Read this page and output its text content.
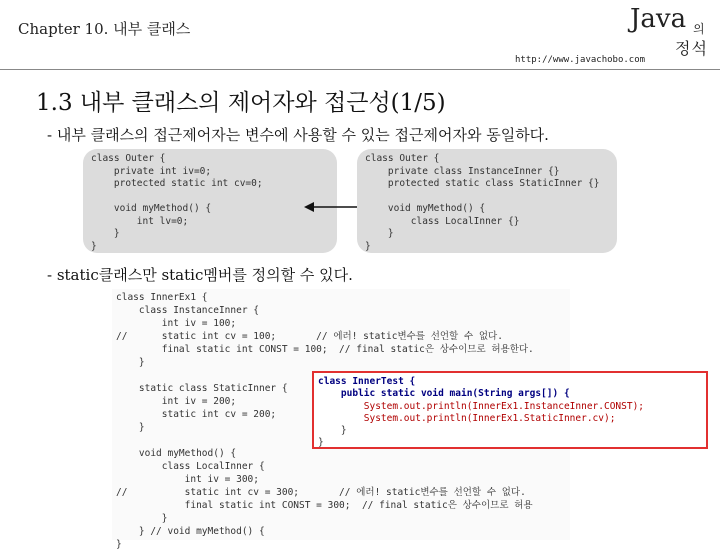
Chapter 10. 내부 클래스	Java 의
정석
http://www.javachobo.com
1.3 내부 클래스의 제어자와 접근성(1/5)
- 내부 클래스의 접근제어자는 변수에 사용할 수 있는 접근제어자와 동일하다.
class Outer {
private int iv=0;
protected static int cv=0;

void myMethod() {
int lv=0;
}
}
class Outer {
private class InstanceInner {}
protected static class StaticInner {}

void myMethod() {
class LocalInner {}
}
}
- static클래스만 static멤버를 정의할 수 있다.
class InnerEx1 {
class InstanceInner {
int iv = 100;
//      static int cv = 100;       // 에러! static변수를 선언할 수 없다.
final static int CONST = 100;  // final static은 상수이므로 허용한다.
}

static class StaticInner {
int iv = 200;
static int cv = 200;
}

void myMethod() {
class LocalInner {
int iv = 300;
//          static int cv = 300;       // 에러! static변수를 선언할 수 없다.
final static int CONST = 300;  // final static은 상수이므로 허용
}
} // void myMethod() {
}
class InnerTest {
public static void main(String args[]) {
System.out.println(InnerEx1.InstanceInner.CONST);
System.out.println(InnerEx1.StaticInner.cv);
}
}
